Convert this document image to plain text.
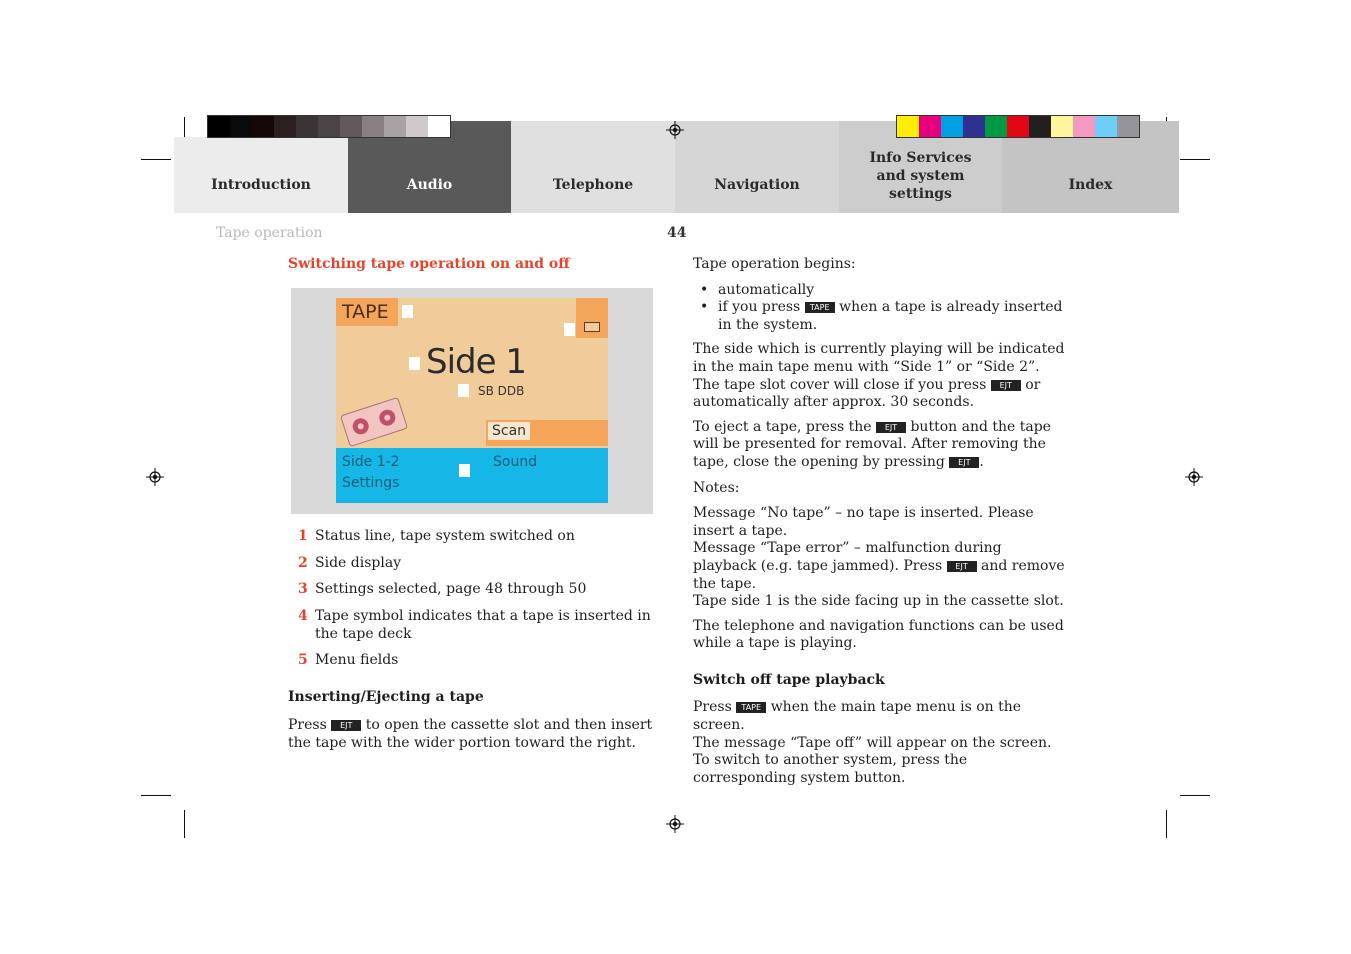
Introduction	Audio	Telephone	Navigation
Info Services and system settings
Index
Tape operation	44
Switching tape operation on and off
TAPE
Side 1
SB DDB
Scan
Side 1-2
Settings
Sound
1 Status line, tape system switched on
2 Side display
3 Settings selected, page 48 through 50
4 Tape symbol indicates that a tape is inserted in the tape deck
5 Menu fields
Inserting/Ejecting a tape

Press EJT to open the cassette slot and then insert the tape with the wider portion toward the right.

Tape operation begins:

• automatically
• if you press TAPE when a tape is already inserted in the system.

The side which is currently playing will be indicated in the main tape menu with “Side 1” or “Side 2”. The tape slot cover will close if you press EJT or automatically after approx. 30 seconds.

To eject a tape, press the EJT button and the tape will be presented for removal. After removing the tape, close the opening by pressing EJT .

Notes:

Message “No tape” – no tape is inserted. Please insert a tape.

Message “Tape error” – malfunction during playback (e.g. tape jammed). Press EJT and remove the tape.

Tape side 1 is the side facing up in the cassette slot.

The telephone and navigation functions can be used while a tape is playing.

Switch off tape playback

Press TAPE when the main tape menu is on the screen.

The message “Tape off” will appear on the screen.

To switch to another system, press the corresponding system button.
